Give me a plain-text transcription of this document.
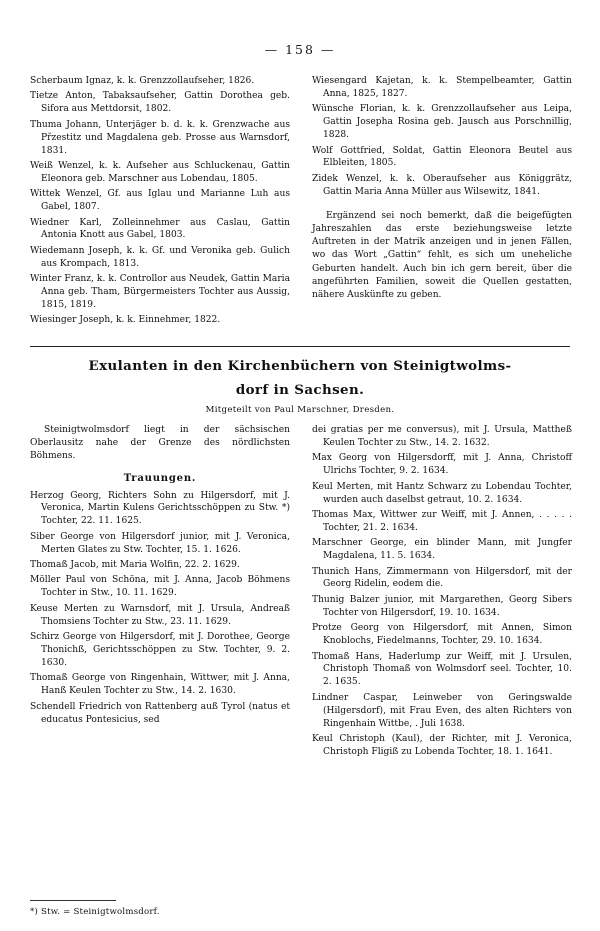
— 158 —
Scherbaum Ignaz, k. k. Grenzzollaufseher, 1826.
Tietze Anton, Tabaksaufseher, Gattin Dorothea geb. Sifora aus Mettdorsit, 1802.
Thuma Johann, Unterjäger b. d. k. k. Grenzwache aus Přzestitz und Magdalena geb. Prosse aus Warnsdorf, 1831.
Weiß Wenzel, k. k. Aufseher aus Schluckenau, Gattin Eleonora geb. Marschner aus Lobendau, 1805.
Wittek Wenzel, Gf. aus Iglau und Marianne Luh aus Gabel, 1807.
Wiedner Karl, Zolleinnehmer aus Caslau, Gattin Antonia Knott aus Gabel, 1803.
Wiedemann Joseph, k. k. Gf. und Veronika geb. Gulich aus Krompach, 1813.
Winter Franz, k. k. Controllor aus Neudek, Gattin Maria Anna geb. Tham, Bürgermeisters Tochter aus Aussig, 1815, 1819.
Wiesinger Joseph, k. k. Einnehmer, 1822.
Wiesengard Kajetan, k. k. Stempelbeamter, Gattin Anna, 1825, 1827.
Wünsche Florian, k. k. Grenzzollaufseher aus Leipa, Gattin Josepha Rosina geb. Jausch aus Porschnillig, 1828.
Wolf Gottfried, Soldat, Gattin Eleonora Beutel aus Elbleiten, 1805.
Zidek Wenzel, k. k. Oberaufseher aus Königgrätz, Gattin Maria Anna Müller aus Wilsewitz, 1841.
Ergänzend sei noch bemerkt, daß die beigefügten Jahreszahlen das erste beziehungsweise letzte Auftreten in der Matrik anzeigen und in jenen Fällen, wo das Wort „Gattin“ fehlt, es sich um uneheliche Geburten handelt. Auch bin ich gern bereit, über die angeführten Familien, soweit die Quellen gestatten, nähere Auskünfte zu geben.
Exulanten in den Kirchenbüchern von Steinigtwolms-
dorf in Sachsen.
Mitgeteilt von Paul Marschner, Dresden.
Steinigtwolmsdorf liegt in der sächsischen Oberlausitz nahe der Grenze des nördlichsten Böhmens.
Trauungen.
Herzog Georg, Richters Sohn zu Hilgersdorf, mit J. Veronica, Martin Kulens Gerichtsschöppen zu Stw. *) Tochter, 22. 11. 1625.
Siber George von Hilgersdorf junior, mit J. Veronica, Merten Glates zu Stw. Tochter, 15. 1. 1626.
Thomaß Jacob, mit Maria Wolfin, 22. 2. 1629.
Möller Paul von Schöna, mit J. Anna, Jacob Böhmens Tochter in Stw., 10. 11. 1629.
Keuse Merten zu Warnsdorf, mit J. Ursula, Andreaß Thomsiens Tochter zu Stw., 23. 11. 1629.
Schirz George von Hilgersdorf, mit J. Dorothee, George Thonichß, Gerichtsschöppen zu Stw. Tochter, 9. 2. 1630.
Thomaß George von Ringenhain, Wittwer, mit J. Anna, Hanß Keulen Tochter zu Stw., 14. 2. 1630.
Schendell Friedrich von Rattenberg auß Tyrol (natus et educatus Pontesicius, sed
dei gratias per me conversus), mit J. Ursula, Mattheß Keulen Tochter zu Stw., 14. 2. 1632.
Max Georg von Hilgersdorff, mit J. Anna, Christoff Ulrichs Tochter, 9. 2. 1634.
Keul Merten, mit Hantz Schwarz zu Lobendau Tochter, wurden auch daselbst getraut, 10. 2. 1634.
Thomas Max, Wittwer zur Weiff, mit J. Annen, . . . . . Tochter, 21. 2. 1634.
Marschner George, ein blinder Mann, mit Jungfer Magdalena, 11. 5. 1634.
Thunich Hans, Zimmermann von Hilgersdorf, mit der Georg Ridelin, eodem die.
Thunig Balzer junior, mit Margarethen, Georg Sibers Tochter von Hilgersdorf, 19. 10. 1634.
Protze Georg von Hilgersdorf, mit Annen, Simon Knoblochs, Fiedelmanns, Tochter, 29. 10. 1634.
Thomaß Hans, Haderlump zur Weiff, mit J. Ursulen, Christoph Thomaß von Wolmsdorf seel. Tochter, 10. 2. 1635.
Lindner Caspar, Leinweber von Geringswalde (Hilgersdorf), mit Frau Even, des alten Richters von Ringenhain Wittbe, . Juli 1638.
Keul Christoph (Kaul), der Richter, mit J. Veronica, Christoph Fligiß zu Lobenda Tochter, 18. 1. 1641.
*) Stw. = Steinigtwolmsdorf.
